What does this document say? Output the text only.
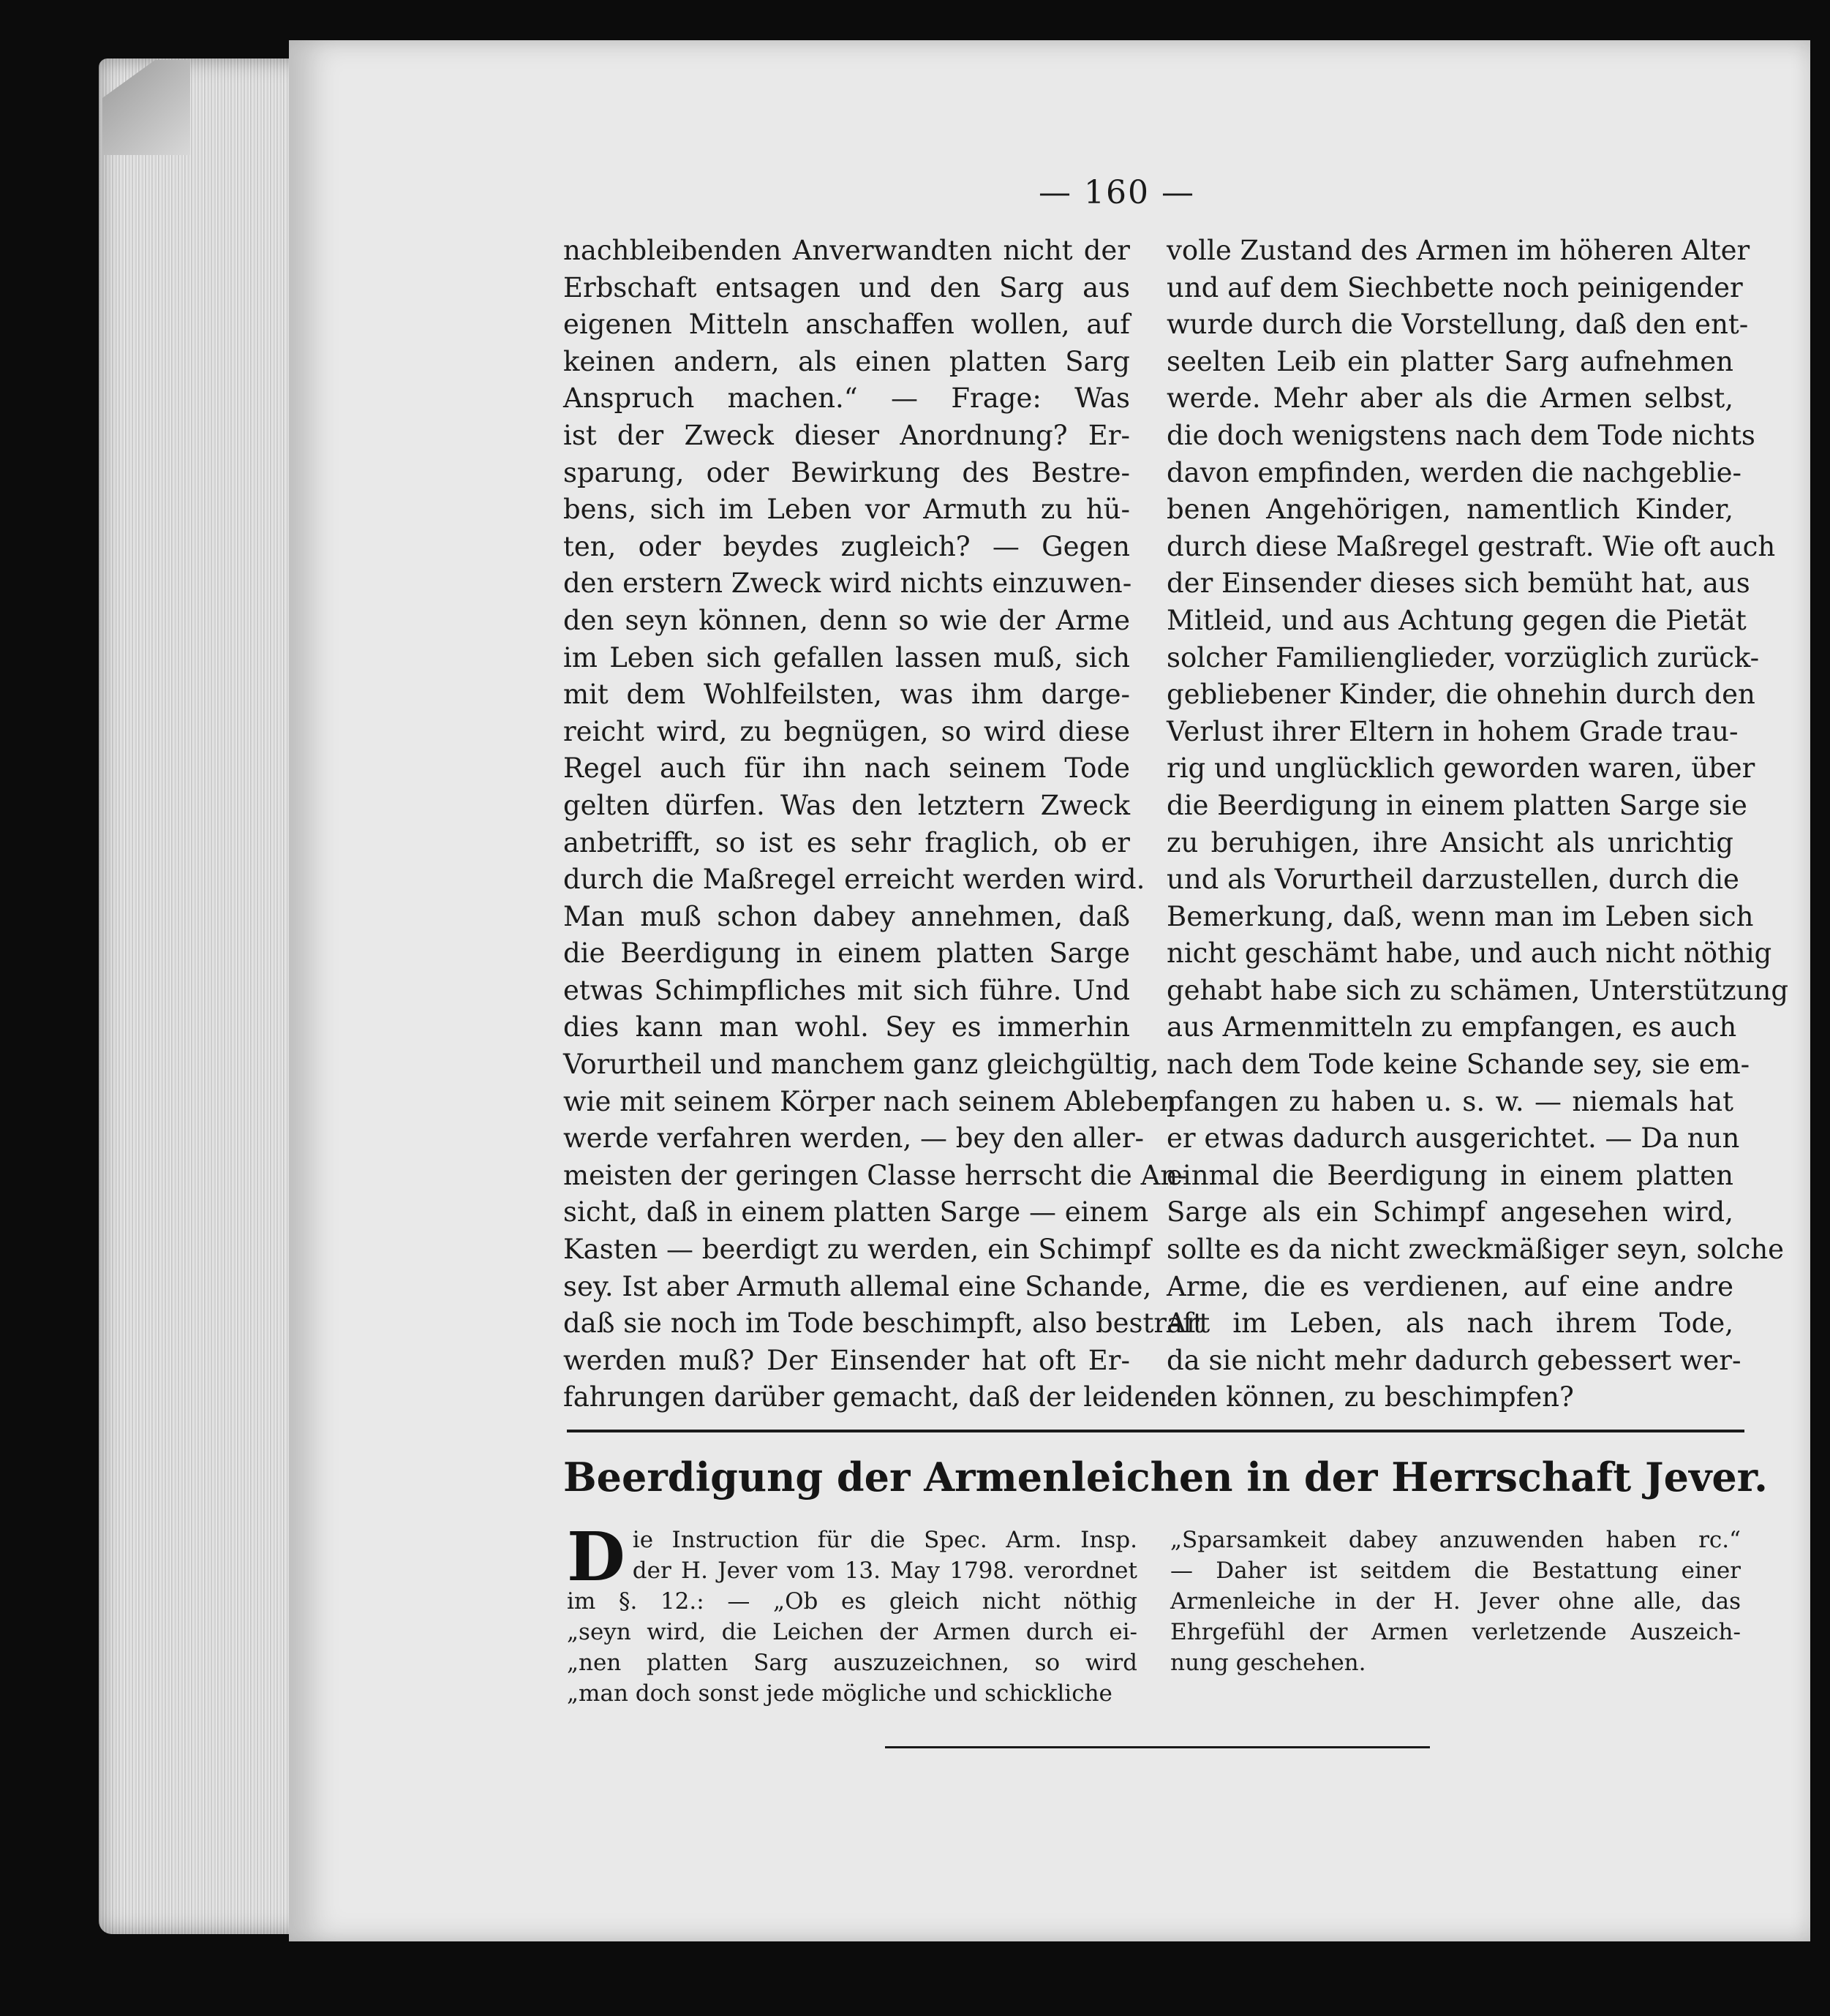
— 160 —
nachbleibenden Anverwandten nicht der
Erbschaft entsagen und den Sarg aus
eigenen Mitteln anschaffen wollen, auf
keinen andern, als einen platten Sarg
Anspruch machen.“ — Frage: Was
ist der Zweck dieser Anordnung? Er-
sparung, oder Bewirkung des Bestre-
bens, sich im Leben vor Armuth zu hü-
ten, oder beydes zugleich? — Gegen
den erstern Zweck wird nichts einzuwen-
den seyn können, denn so wie der Arme
im Leben sich gefallen lassen muß, sich
mit dem Wohlfeilsten, was ihm darge-
reicht wird, zu begnügen, so wird diese
Regel auch für ihn nach seinem Tode
gelten dürfen. Was den letztern Zweck
anbetrifft, so ist es sehr fraglich, ob er
durch die Maßregel erreicht werden wird.
Man muß schon dabey annehmen, daß
die Beerdigung in einem platten Sarge
etwas Schimpfliches mit sich führe. Und
dies kann man wohl. Sey es immerhin
Vorurtheil und manchem ganz gleichgültig,
wie mit seinem Körper nach seinem Ableben
werde verfahren werden, — bey den aller-
meisten der geringen Classe herrscht die An-
sicht, daß in einem platten Sarge — einem
Kasten — beerdigt zu werden, ein Schimpf
sey. Ist aber Armuth allemal eine Schande,
daß sie noch im Tode beschimpft, also bestraft
werden muß? Der Einsender hat oft Er-
fahrungen darüber gemacht, daß der leiden-
volle Zustand des Armen im höheren Alter
und auf dem Siechbette noch peinigender
wurde durch die Vorstellung, daß den ent-
seelten Leib ein platter Sarg aufnehmen
werde. Mehr aber als die Armen selbst,
die doch wenigstens nach dem Tode nichts
davon empfinden, werden die nachgeblie-
benen Angehörigen, namentlich Kinder,
durch diese Maßregel gestraft. Wie oft auch
der Einsender dieses sich bemüht hat, aus
Mitleid, und aus Achtung gegen die Pietät
solcher Familienglieder, vorzüglich zurück-
gebliebener Kinder, die ohnehin durch den
Verlust ihrer Eltern in hohem Grade trau-
rig und unglücklich geworden waren, über
die Beerdigung in einem platten Sarge sie
zu beruhigen, ihre Ansicht als unrichtig
und als Vorurtheil darzustellen, durch die
Bemerkung, daß, wenn man im Leben sich
nicht geschämt habe, und auch nicht nöthig
gehabt habe sich zu schämen, Unterstützung
aus Armenmitteln zu empfangen, es auch
nach dem Tode keine Schande sey, sie em-
pfangen zu haben u. s. w. — niemals hat
er etwas dadurch ausgerichtet. — Da nun
einmal die Beerdigung in einem platten
Sarge als ein Schimpf angesehen wird,
sollte es da nicht zweckmäßiger seyn, solche
Arme, die es verdienen, auf eine andre
Art im Leben, als nach ihrem Tode,
da sie nicht mehr dadurch gebessert wer-
den können, zu beschimpfen?
Beerdigung der Armenleichen in der Herrschaft Jever.
D ie Instruction für die Spec. Arm. Insp.
der H. Jever vom 13. May 1798. verordnet
im §. 12.: — „Ob es gleich nicht nöthig
„seyn wird, die Leichen der Armen durch ei-
„nen platten Sarg auszuzeichnen, so wird
„man doch sonst jede mögliche und schickliche
„Sparsamkeit dabey anzuwenden haben rc.“
— Daher ist seitdem die Bestattung einer
Armenleiche in der H. Jever ohne alle, das
Ehrgefühl der Armen verletzende Auszeich-
nung geschehen.
